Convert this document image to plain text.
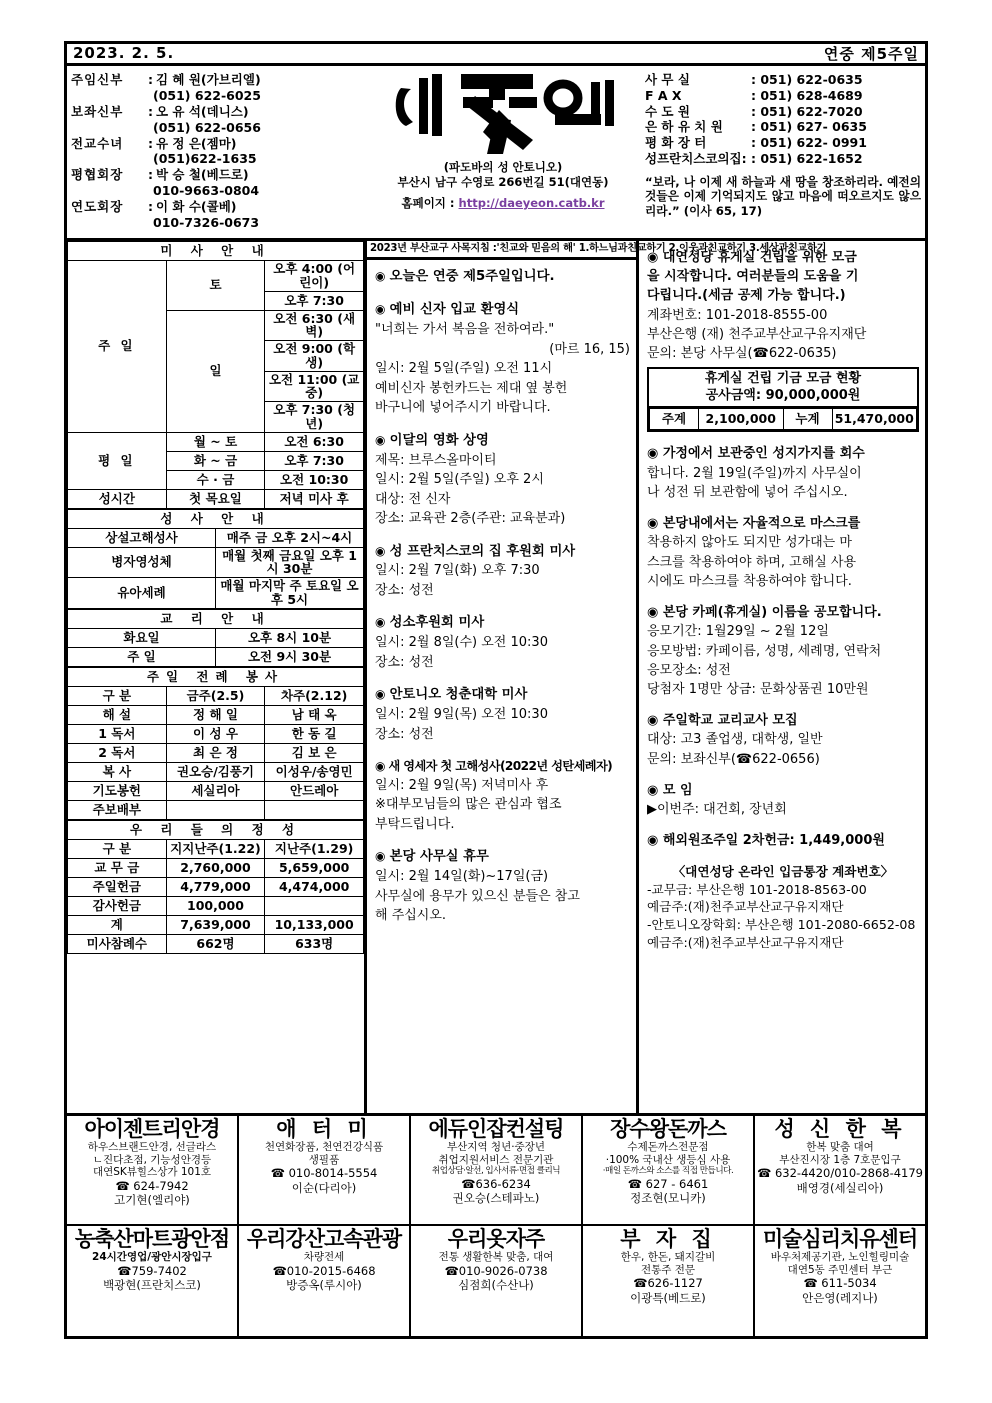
2023. 2. 5.	연중 제5주일
주임신부	: 김 혜 원(가브리엘)
(051) 622-6025
보좌신부	: 오 유 석(데니스)
(051) 622-0656
전교수녀	: 유 정 은(젬마)
(051)622-1635
평협회장	: 박 승 철(베드로)
010-9663-0804
연도회장	: 이 화 수(콜베)
010-7326-0673
(파도바의 성 안토니오)
부산시 남구 수영로 266번길 51(대연동)
홈페이지 : http://daeyeon.catb.kr
사 무 실	: 051) 622-0635
F A X	: 051) 628-4689
수 도 원	: 051) 622-7020
은 하 유 치 원	: 051) 627- 0635
평 화 장 터	: 051) 622- 0991
성프란치스코의집: : 051) 622-1652
“보라, 나 이제 새 하늘과 새 땅을 창조하리라. 예전의 것들은 이제 기억되지도 않고 마음에 떠오르지도 않으리라.” (이사 65, 17)
미 사 안 내		
주 일	토	오후 4:00 (어린이)
		오후 7:30
	일	오전 6:30 (새벽)
		오전 9:00 (학생)
		오전 11:00 (교중)
		오후 7:30 (청년)
평 일	월 ~ 토	오전 6:30
	화 ~ 금	오후 7:30
	수 · 금	오전 10:30
성시간	첫 목요일	저녁 미사 후
성 사 안 내	
상설고해성사	매주 금 오후 2시~4시
병자영성체	매월 첫째 금요일 오후 1시 30분
유아세례	매월 마지막 주 토요일 오후 5시
교 리 안 내	
화요일	오후 8시 10분
주 일	오전 9시 30분
주일 전례 봉사		
구 분	금주(2.5)	차주(2.12)
해 설	정 해 일	남 태 옥
1 독서	이 성 우	한 동 길
2 독서	최 은 정	김 보 은
복 사	권오승/김풍기	이성우/송영민
기도봉헌	세실리아	안드레아
주보배부		
우 리 들 의 정 성		
구 분	지지난주(1.22)	지난주(1.29)
교 무 금	2,760,000	5,659,000
주일헌금	4,779,000	4,474,000
감사헌금	100,000	
계	7,639,000	10,133,000
미사참례수	662명	633명
2023년 부산교구 사목지침 :'친교와 믿음의 해' 1.하느님과친교하기 2.이웃과친교하기 3.세상과친교하기
◉ 오늘은 연중 제5주일입니다.
◉ 예비 신자 입교 환영식
"너희는 가서 복음을 전하여라."
(마르 16, 15)
일시: 2월 5일(주일) 오전 11시
예비신자 봉헌카드는 제대 옆 봉헌
바구니에 넣어주시기 바랍니다.
◉ 이달의 영화 상영
제목: 브루스올마이티
일시: 2월 5일(주일) 오후 2시
대상: 전 신자
장소: 교육관 2층(주관: 교육분과)
◉ 성 프란치스코의 집 후원회 미사
일시: 2월 7일(화) 오후 7:30
장소: 성전
◉ 성소후원회 미사
일시: 2월 8일(수) 오전 10:30
장소: 성전
◉ 안토니오 청춘대학 미사
일시: 2월 9일(목) 오전 10:30
장소: 성전
◉ 새 영세자 첫 고해성사(2022년 성탄세례자)
일시: 2월 9일(목) 저녁미사 후
※대부모님들의 많은 관심과 협조
부탁드립니다.
◉ 본당 사무실 휴무
일시: 2월 14일(화)~17일(금)
사무실에 용무가 있으신 분들은 참고
해 주십시오.
◉ 대연성당 휴게실 건립을 위한 모금
을 시작합니다. 여러분들의 도움을 기
다립니다.(세금 공제 가능 합니다.)
계좌번호: 101-2018-8555-00
부산은행 (재) 천주교부산교구유지재단
문의: 본당 사무실(☎622-0635)
휴게실 건립 기금 모금 현황
공사금액: 90,000,000원
주계	2,100,000	누계	51,470,000
◉ 가정에서 보관중인 성지가지를 회수
합니다. 2월 19일(주일)까지 사무실이
나 성전 뒤 보관함에 넣어 주십시오.
◉ 본당내에서는 자율적으로 마스크를
착용하지 않아도 되지만 성가대는 마
스크를 착용하여야 하며, 고해실 사용
시에도 마스크를 착용하여야 합니다.
◉ 본당 카페(휴게실) 이름을 공모합니다.
응모기간: 1월29일 ~ 2월 12일
응모방법: 카페이름, 성명, 세례명, 연락처
응모장소: 성전
당첨자 1명만 상금: 문화상품권 10만원
◉ 주일학교 교리교사 모집
대상: 고3 졸업생, 대학생, 일반
문의: 보좌신부(☎622-0656)
◉ 모 임
▶이번주: 대건회, 장년회
◉ 해외원조주일 2차헌금: 1,449,000원
〈대연성당 온라인 입금통장 계좌번호〉
-교무금: 부산은행 101-2018-8563-00
예금주:(재)천주교부산교구유지재단
-안토니오장학회: 부산은행 101-2080-6652-08
예금주:(재)천주교부산교구유지재단
아이젠트리안경
하우스브랜드안경, 선글라스
ㄴ진다초점, 기능성안경등
대연SK뷰힐스상가 101호
☎ 624-7942
고기현(엘리야)
애 터 미
천연화장품, 천연건강식품
생필품
☎ 010-8014-5554
이순(다리아)
에듀인잡컨설팅
부산지역 청년·중장년
취업지원서비스 전문기관
취업상담·알선, 입사서류·면접 클리닉
☎636-6234
권오승(스테파노)
장수왕돈까스
수제돈까스전문점
·100% 국내산 생등심 사용
·매일 돈까스와 소스를 직접 만듭니다.
☎ 627 - 6461
정조현(모니카)
성 신 한 복
한복 맞춤 대여
부산진시장 1층 7호문입구
☎ 632-4420/010-2868-4179
배영경(세실리아)
농축산마트광안점
24시간영업/광안시장입구
☎759-7402
백광현(프란치스코)
우리강산고속관광
차량전세
☎010-2015-6468
방증옥(루시아)
우리옷자주
전통 생활한복 맞춤, 대여
☎010-9026-0738
심점희(수산나)
부 자 집
한우, 한돈, 돼지갈비
전통주 전문
☎626-1127
이광특(베드로)
미술심리치유센터
바우처제공기관, 노인힐링미술
대연5동 주민센터 부근
☎ 611-5034
안은영(레지나)
